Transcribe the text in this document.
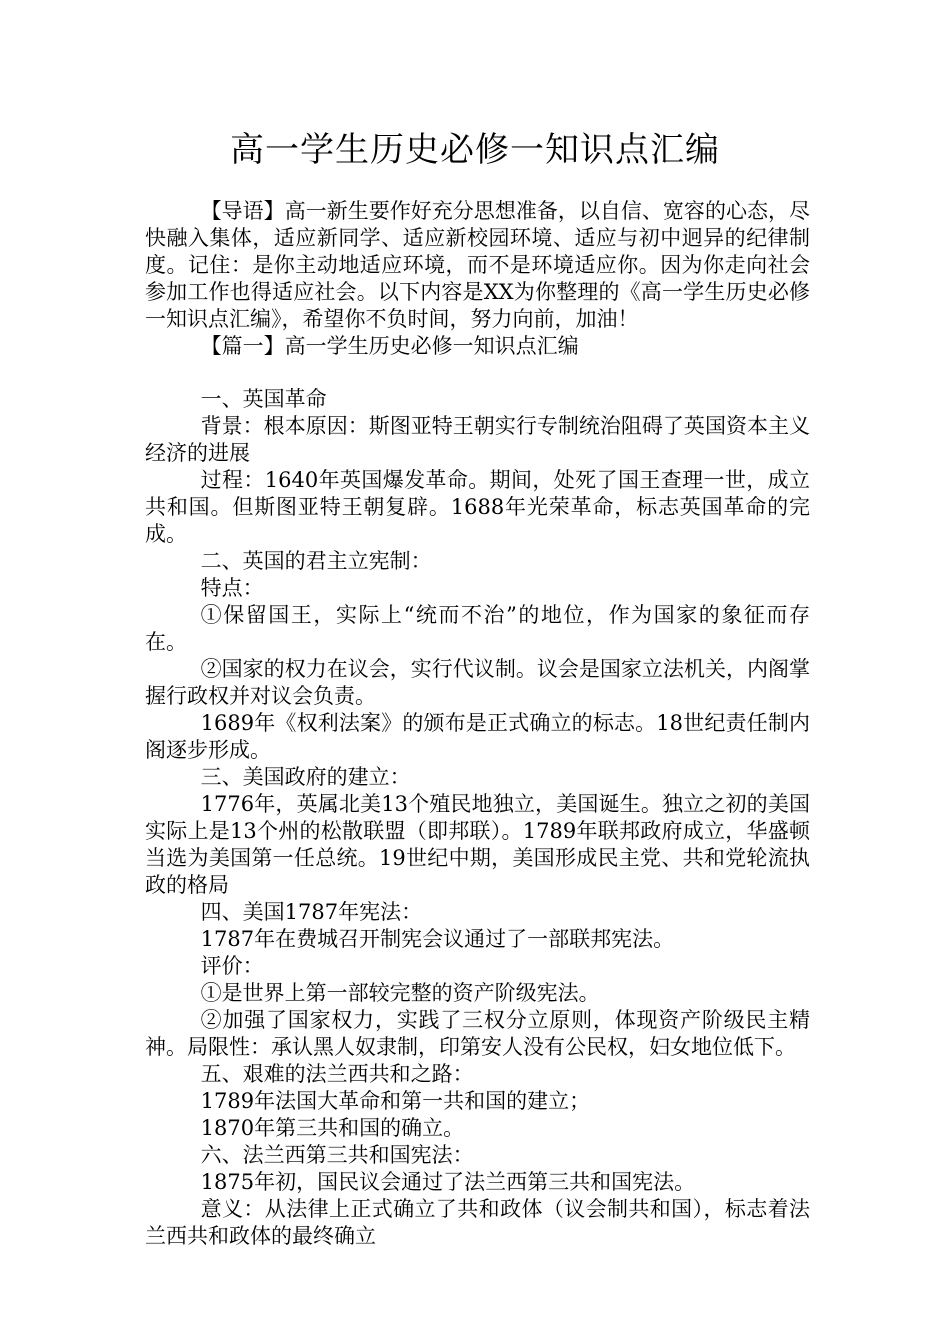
高一学生历史必修一知识点汇编

【导语】高一新生要作好充分思想准备，以自信、宽容的心态，尽快融入集体，适应新同学、适应新校园环境、适应与初中迥异的纪律制度。记住：是你主动地适应环境，而不是环境适应你。因为你走向社会参加工作也得适应社会。以下内容是XX为你整理的《高一学生历史必修一知识点汇编》，希望你不负时间，努力向前，加油！

【篇一】高一学生历史必修一知识点汇编

一、英国革命

背景：根本原因：斯图亚特王朝实行专制统治阻碍了英国资本主义经济的进展

过程：1640年英国爆发革命。期间，处死了国王查理一世，成立共和国。但斯图亚特王朝复辟。1688年光荣革命，标志英国革命的完成。

二、英国的君主立宪制：

特点：

①保留国王，实际上“统而不治”的地位，作为国家的象征而存在。

②国家的权力在议会，实行代议制。议会是国家立法机关，内阁掌握行政权并对议会负责。

1689年《权利法案》的颁布是正式确立的标志。18世纪责任制内阁逐步形成。

三、美国政府的建立：

1776年，英属北美13个殖民地独立，美国诞生。独立之初的美国实际上是13个州的松散联盟（即邦联）。1789年联邦政府成立，华盛顿当选为美国第一任总统。19世纪中期，美国形成民主党、共和党轮流执政的格局

四、美国1787年宪法：

1787年在费城召开制宪会议通过了一部联邦宪法。

评价：

①是世界上第一部较完整的资产阶级宪法。

②加强了国家权力，实践了三权分立原则，体现资产阶级民主精神。局限性：承认黑人奴隶制，印第安人没有公民权，妇女地位低下。

五、艰难的法兰西共和之路：

1789年法国大革命和第一共和国的建立；

1870年第三共和国的确立。

六、法兰西第三共和国宪法：

1875年初，国民议会通过了法兰西第三共和国宪法。

意义：从法律上正式确立了共和政体（议会制共和国），标志着法兰西共和政体的最终确立
